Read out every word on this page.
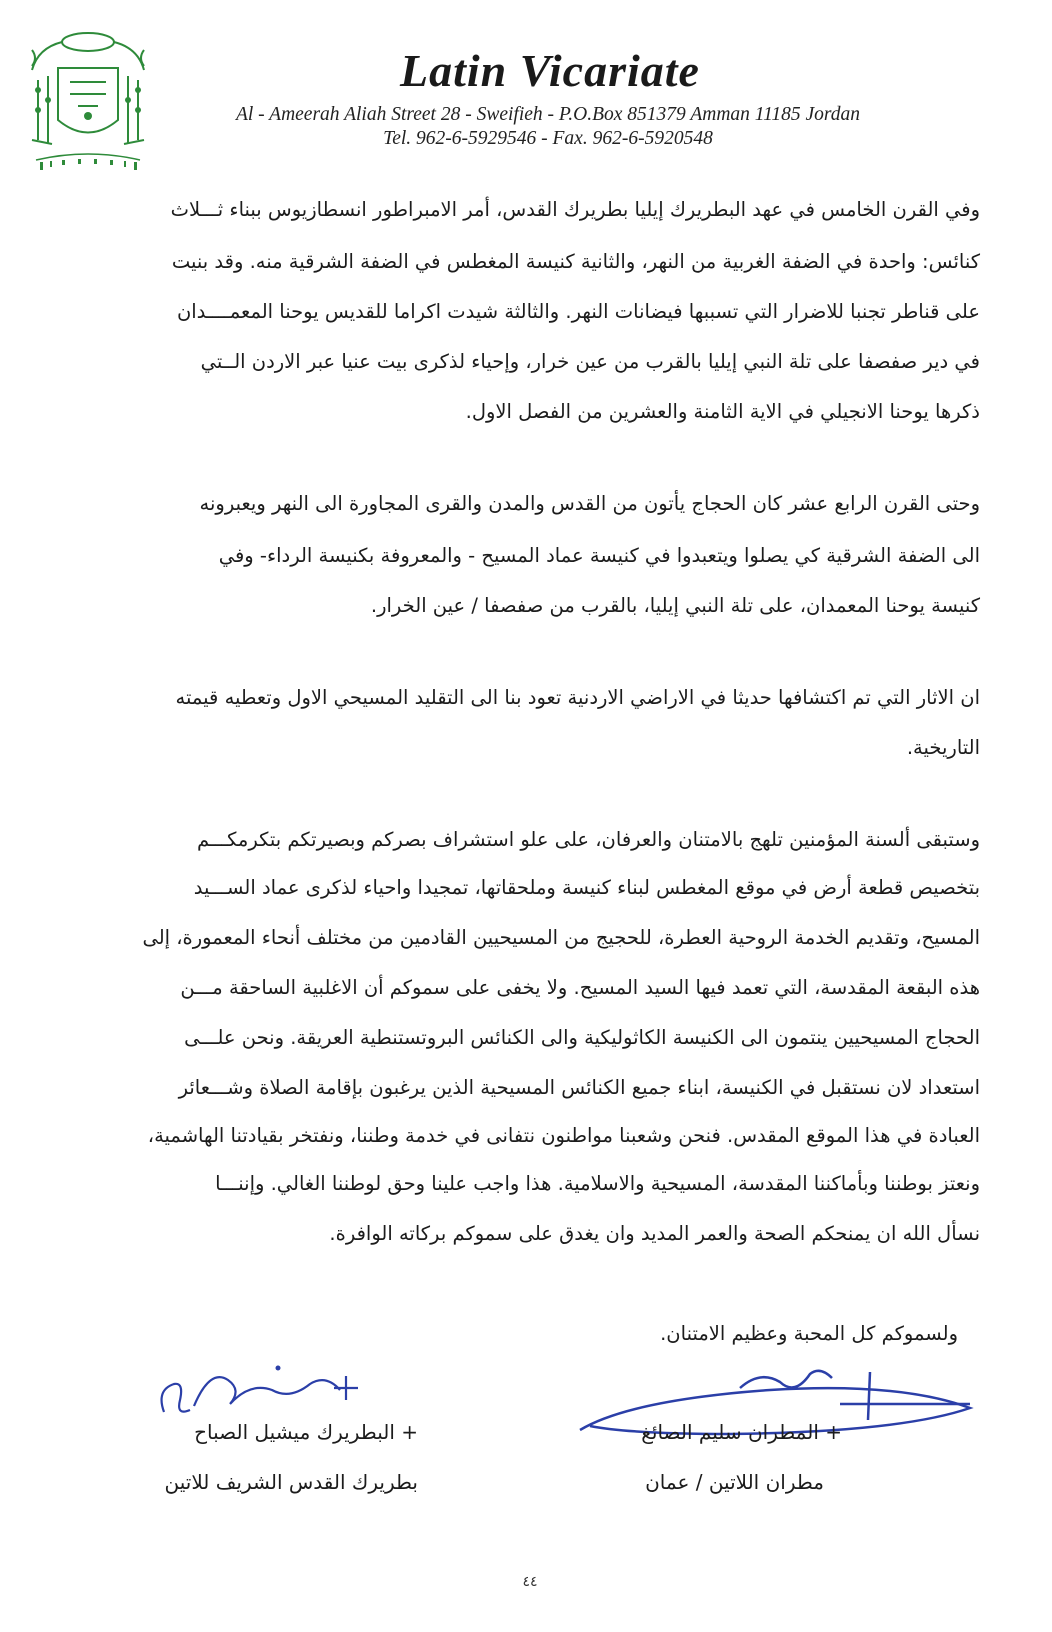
Latin Vicariate
Al - Ameerah Aliah Street 28 - Sweifieh - P.O.Box 851379 Amman 11185 Jordan
Tel. 962-6-5929546 - Fax. 962-6-5920548
وفي القرن الخامس في عهد البطريرك إيليا بطريرك القدس، أمر الامبراطور انسطازيوس ببناء ثـــلاث
كنائس: واحدة في الضفة الغربية من النهر، والثانية كنيسة المغطس في الضفة الشرقية منه. وقد بنيت
على قناطر تجنبا للاضرار التي تسببها فيضانات النهر. والثالثة شيدت اكراما للقديس يوحنا المعمــــدان
في دير صفصفا على تلة النبي إيليا بالقرب من عين خرار، وإحياء لذكرى بيت عنيا عبر الاردن الــتي
ذكرها يوحنا الانجيلي في الاية الثامنة والعشرين من الفصل الاول.
وحتى القرن الرابع عشر كان الحجاج يأتون من القدس والمدن والقرى المجاورة الى النهر ويعبرونه
الى الضفة الشرقية كي يصلوا ويتعبدوا في كنيسة عماد المسيح - والمعروفة بكنيسة الرداء- وفي
كنيسة يوحنا المعمدان، على تلة النبي إيليا، بالقرب من صفصفا / عين الخرار.
ان الاثار التي تم اكتشافها حديثا في الاراضي الاردنية تعود بنا الى التقليد المسيحي الاول وتعطيه قيمته
التاريخية.
وستبقى ألسنة المؤمنين تلهج بالامتنان والعرفان، على علو استشراف بصركم وبصيرتكم بتكرمكـــم
بتخصيص قطعة أرض في موقع المغطس لبناء كنيسة وملحقاتها، تمجيدا واحياء لذكرى عماد الســـيد
المسيح، وتقديم الخدمة الروحية العطرة، للحجيج من المسيحيين القادمين من مختلف أنحاء المعمورة، إلى
هذه البقعة المقدسة، التي تعمد فيها السيد المسيح. ولا يخفى على سموكم أن الاغلبية الساحقة مـــن
الحجاج المسيحيين ينتمون الى الكنيسة الكاثوليكية والى الكنائس البروتستنطية العريقة. ونحن علـــى
استعداد لان نستقبل في الكنيسة، ابناء جميع الكنائس المسيحية الذين يرغبون بإقامة الصلاة وشـــعائر
العبادة في هذا الموقع المقدس. فنحن وشعبنا مواطنون نتفانى في خدمة وطننا، ونفتخر بقيادتنا الهاشمية،
ونعتز بوطننا وبأماكننا المقدسة، المسيحية والاسلامية. هذا واجب علينا وحق لوطننا الغالي. وإننـــا
نسأل الله ان يمنحكم الصحة والعمر المديد وان يغدق على سموكم بركاته الوافرة.
ولسموكم كل المحبة وعظيم الامتنان.
+ المطران سليم الصائغ
مطران اللاتين / عمان
+ البطريرك ميشيل الصباح
بطريرك القدس الشريف للاتين
٤٤
